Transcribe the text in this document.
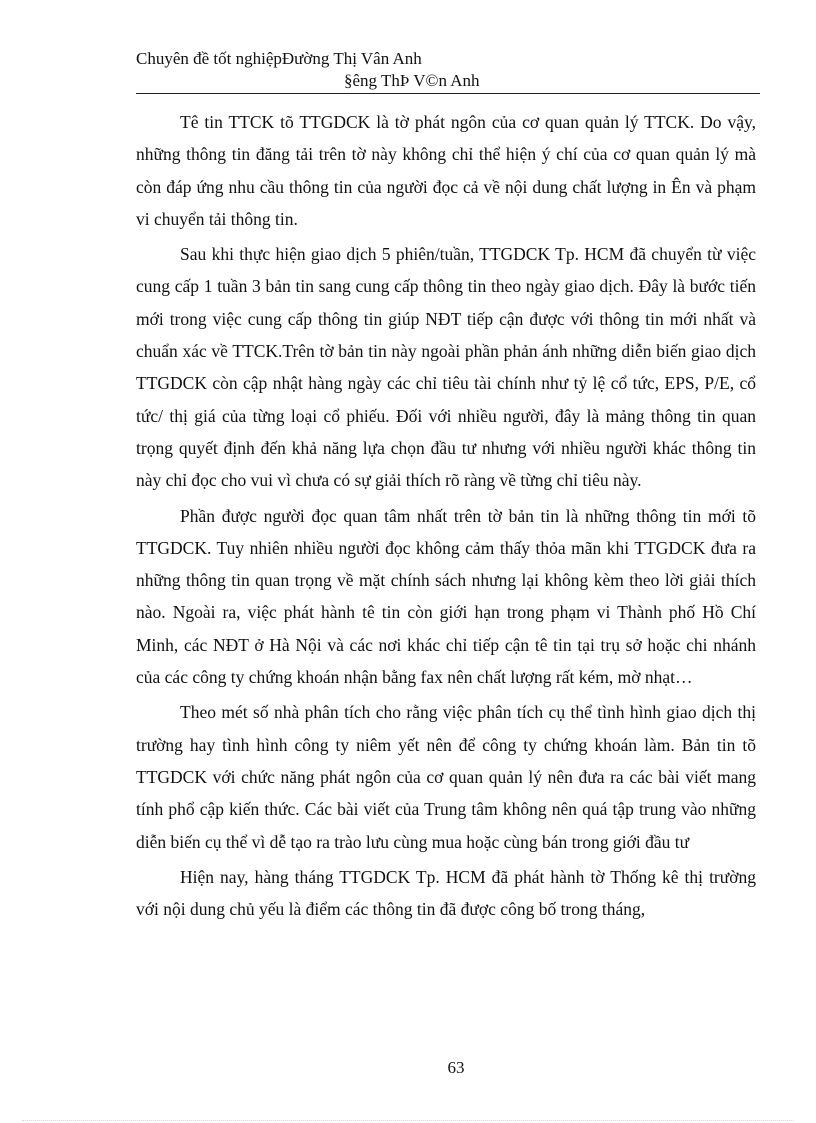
Chuyên đề tốt nghiệpĐường Thị Vân Anh
§êng ThÞ V©n Anh

Tê tin TTCK tõ TTGDCK là tờ phát ngôn của cơ quan quản lý TTCK. Do vậy, những thông tin đăng tải trên tờ này không chỉ thể hiện ý chí của cơ quan quản lý mà còn đáp ứng nhu cầu thông tin của người đọc cả về nội dung chất lượng in Ên và phạm vi chuyển tải thông tin.

Sau khi thực hiện giao dịch 5 phiên/tuần, TTGDCK Tp. HCM đã chuyển từ việc cung cấp 1 tuần 3 bản tin sang cung cấp thông tin theo ngày giao dịch. Đây là bước tiến mới trong việc cung cấp thông tin giúp NĐT tiếp cận được với thông tin mới nhất và chuẩn xác về TTCK.Trên tờ bản tin này ngoài phần phản ánh những diễn biến giao dịch TTGDCK còn cập nhật hàng ngày các chỉ tiêu tài chính như tỷ lệ cổ tức, EPS, P/E, cổ tức/ thị giá của từng loại cổ phiếu. Đối với nhiều người, đây là mảng thông tin quan trọng quyết định đến khả năng lựa chọn đầu tư nhưng với nhiều người khác thông tin này chỉ đọc cho vui vì chưa có sự giải thích rõ ràng về từng chỉ tiêu này.

Phần được người đọc quan tâm nhất trên tờ bản tin là những thông tin mới tõ TTGDCK. Tuy nhiên nhiều người đọc không cảm thấy thỏa mãn khi TTGDCK đưa ra những thông tin quan trọng về mặt chính sách nhưng lại không kèm theo lời giải thích nào. Ngoài ra, việc phát hành tê tin còn giới hạn trong phạm vi Thành phố Hồ Chí Minh, các NĐT ở Hà Nội và các nơi khác chỉ tiếp cận tê tin tại trụ sở hoặc chi nhánh của các công ty chứng khoán nhận bằng fax nên chất lượng rất kém, mờ nhạt…

Theo mét số nhà phân tích cho rằng việc phân tích cụ thể tình hình giao dịch thị trường hay tình hình công ty niêm yết nên để công ty chứng khoán làm. Bản tin tõ TTGDCK với chức năng phát ngôn của cơ quan quản lý nên đưa ra các bài viết mang tính phổ cập kiến thức. Các bài viết của Trung tâm không nên quá tập trung vào những diễn biến cụ thể vì dễ tạo ra trào lưu cùng mua hoặc cùng bán trong giới đầu tư

Hiện nay, hàng tháng TTGDCK Tp. HCM đã phát hành tờ Thống kê thị trường với nội dung chủ yếu là điểm các thông tin đã được công bố trong tháng,

63
